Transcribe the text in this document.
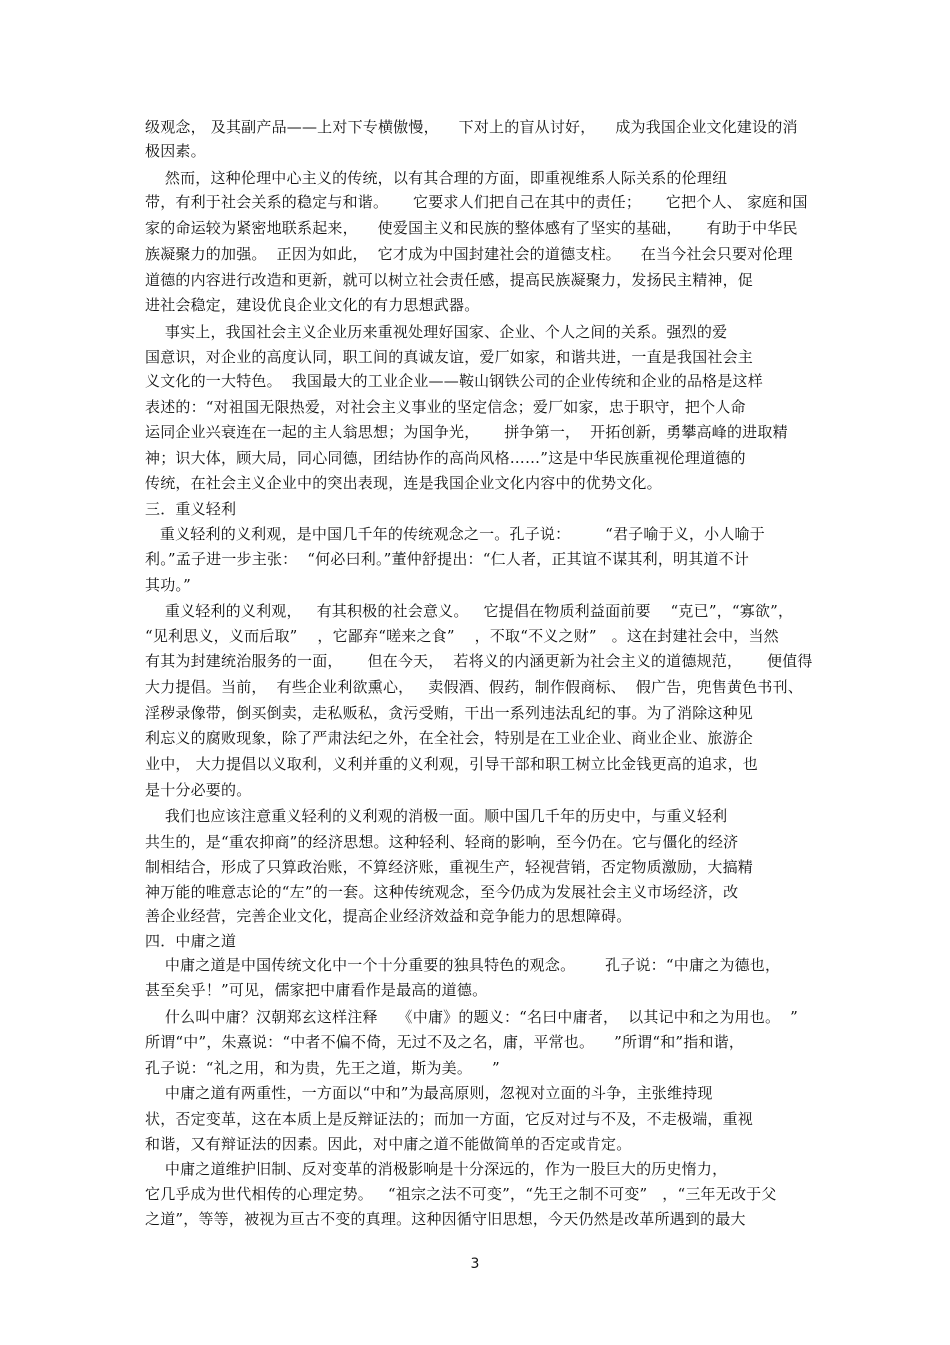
级观念， 及其副产品——上对下专横傲慢，    下对上的盲从讨好，    成为我国企业文化建设的消
极因素。
然而，这种伦理中心主义的传统，以有其合理的方面，即重视维系人际关系的伦理纽
带，有利于社会关系的稳定与和谐。     它要求人们把自己在其中的责任；     它把个人、 家庭和国
家的命运较为紧密地联系起来，    使爱国主义和民族的整体感有了坚实的基础，     有助于中华民
族凝聚力的加强。  正因为如此，  它才成为中国封建社会的道德支柱。    在当今社会只要对伦理
道德的内容进行改造和更新，就可以树立社会责任感，提高民族凝聚力，发扬民主精神，促
进社会稳定，建设优良企业文化的有力思想武器。
事实上，我国社会主义企业历来重视处理好国家、企业、个人之间的关系。强烈的爱
国意识，对企业的高度认同，职工间的真诚友谊，爱厂如家，和谐共进，一直是我国社会主
义文化的一大特色。  我国最大的工业企业——鞍山钢铁公司的企业传统和企业的品格是这样
表述的：“对祖国无限热爱，对社会主义事业的坚定信念；爱厂如家，忠于职守，把个人命
运同企业兴衰连在一起的主人翁思想；为国争光，     拼争第一，  开拓创新，勇攀高峰的进取精
神；识大体，顾大局，同心同德，团结协作的高尚风格……”这是中华民族重视伦理道德的
传统，在社会主义企业中的突出表现，连是我国企业文化内容中的优势文化。
三．重义轻利
重义轻利的义利观，是中国几千年的传统观念之一。孔子说：       “君子喻于义，小人喻于
利。”孟子进一步主张：  “何必曰利。”董仲舒提出：“仁人者，正其谊不谋其利，明其道不计
其功。”
重义轻利的义利观，   有其积极的社会意义。   它提倡在物质利益面前要    “克已”，“寡欲”，
“见利思义，义而后取”    ，它鄙弃“嗟来之食”    ，不取“不义之财”   。这在封建社会中，当然
有其为封建统治服务的一面，     但在今天，  若将义的内涵更新为社会主义的道德规范，     便值得
大力提倡。当前，  有些企业利欲熏心，   卖假酒、假药，制作假商标、  假广告，兜售黄色书刊、
淫秽录像带，倒买倒卖，走私贩私，贪污受贿，干出一系列违法乱纪的事。为了消除这种见
利忘义的腐败现象，除了严肃法纪之外，在全社会，特别是在工业企业、商业企业、旅游企
业中， 大力提倡以义取利，义利并重的义利观，引导干部和职工树立比金钱更高的追求，也
是十分必要的。
我们也应该注意重义轻利的义利观的消极一面。顺中国几千年的历史中，与重义轻利
共生的，是“重农抑商”的经济思想。这种轻利、轻商的影响，至今仍在。它与僵化的经济
制相结合，形成了只算政治账，不算经济账，重视生产，轻视营销，否定物质激励，大搞精
神万能的唯意志论的“左”的一套。这种传统观念，至今仍成为发展社会主义市场经济，改
善企业经营，完善企业文化，提高企业经济效益和竞争能力的思想障碍。
四．中庸之道
中庸之道是中国传统文化中一个十分重要的独具特色的观念。      孔子说：“中庸之为德也，
甚至矣乎！”可见，儒家把中庸看作是最高的道德。
什么叫中庸？汉朝郑玄这样注释    《中庸》的题义：“名曰中庸者，  以其记中和之为用也。  ”
所谓“中”，朱熹说：“中者不偏不倚，无过不及之名，庸，平常也。    ”所谓“和”指和谐，
孔子说：“礼之用，和为贵，先王之道，斯为美。    ”
中庸之道有两重性，一方面以“中和”为最高原则，忽视对立面的斗争，主张维持现
状，否定变革，这在本质上是反辩证法的；而加一方面，它反对过与不及，不走极端，重视
和谐，又有辩证法的因素。因此，对中庸之道不能做简单的否定或肯定。
中庸之道维护旧制、反对变革的消极影响是十分深远的，作为一股巨大的历史惰力，
它几乎成为世代相传的心理定势。   “祖宗之法不可变”，“先王之制不可变”   ，“三年无改于父
之道”，等等，被视为亘古不变的真理。这种因循守旧思想，今天仍然是改革所遇到的最大
3
